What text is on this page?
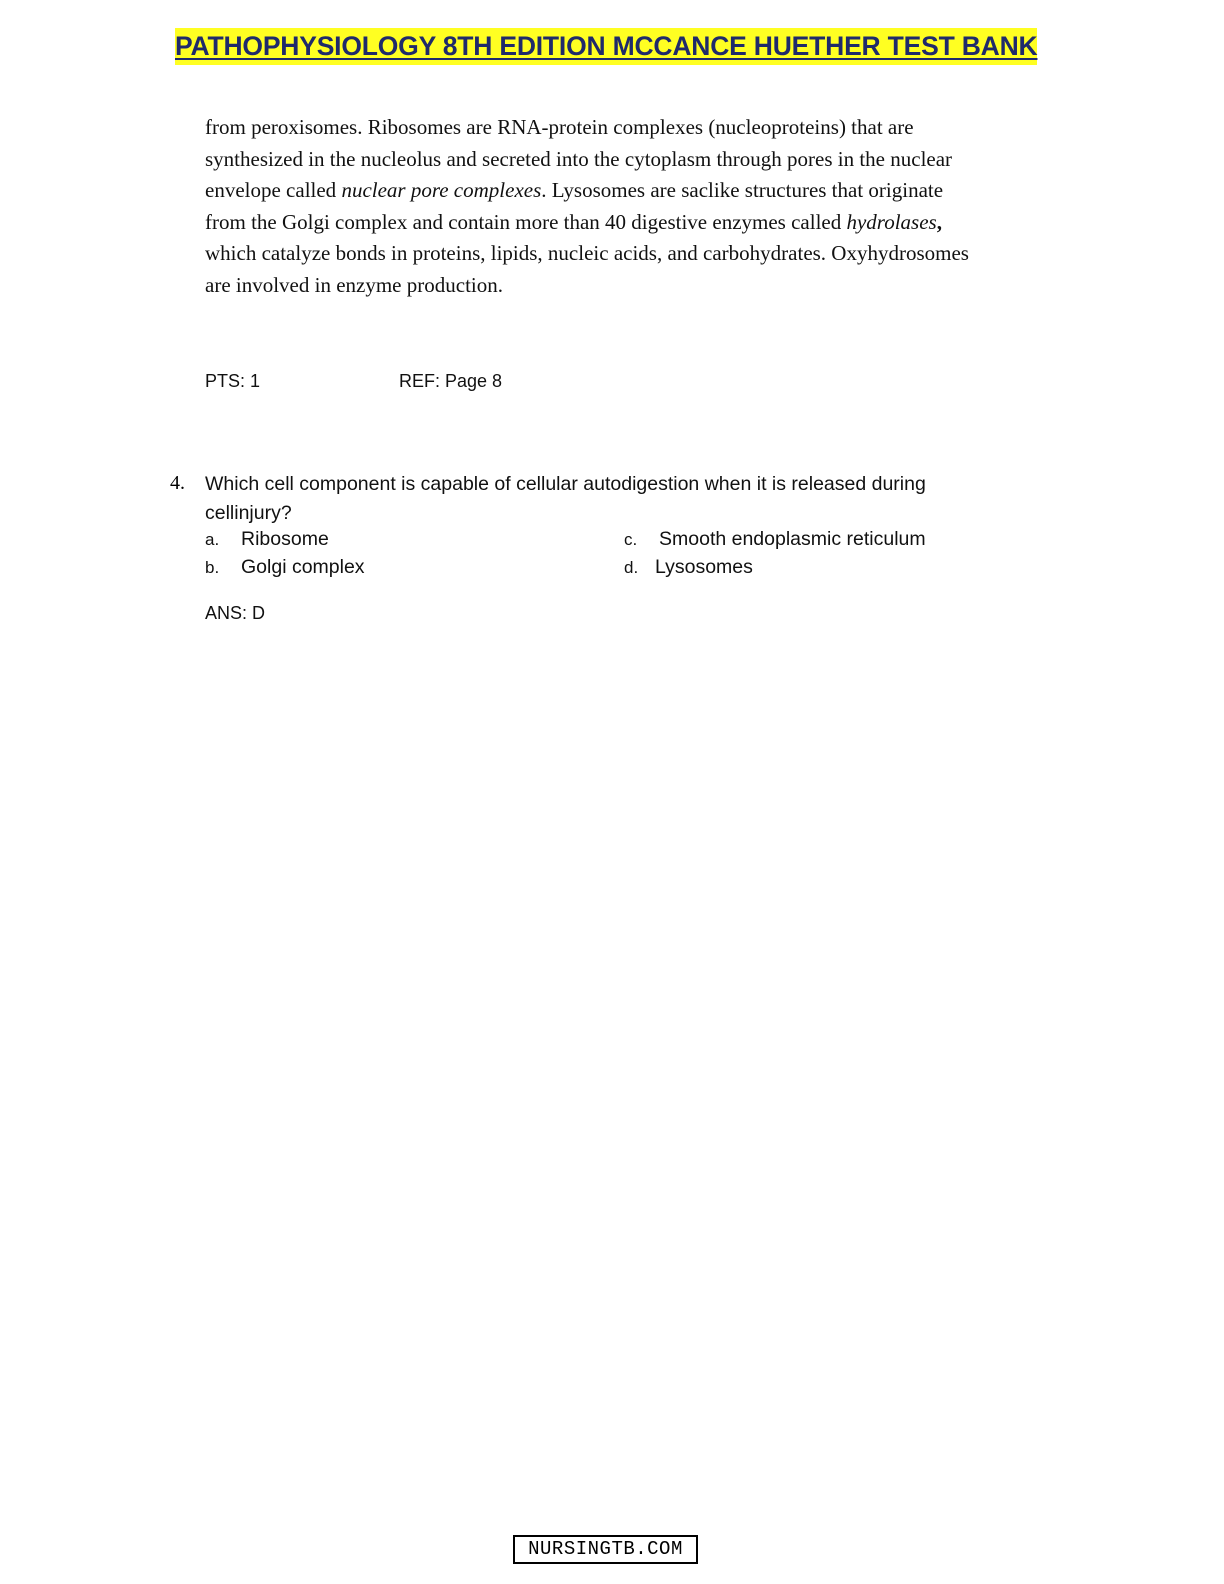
PATHOPHYSIOLOGY 8TH EDITION MCCANCE HUETHER TEST BANK
from peroxisomes. Ribosomes are RNA-protein complexes (nucleoproteins) that are
synthesized in the nucleolus and secreted into the cytoplasm through pores in the nuclear
envelope called nuclear pore complexes. Lysosomes are saclike structures that originate
from the Golgi complex and contain more than 40 digestive enzymes called hydrolases,
which catalyze bonds in proteins, lipids, nucleic acids, and carbohydrates. Oxyhydrosomes
are involved in enzyme production.
PTS: 1	REF: Page 8
4. Which cell component is capable of cellular autodigestion when it is released during
cellinjury?
a. Ribosome
b. Golgi complex
c. Smooth endoplasmic reticulum
d. Lysosomes
ANS: D
NURSINGTB.COM
